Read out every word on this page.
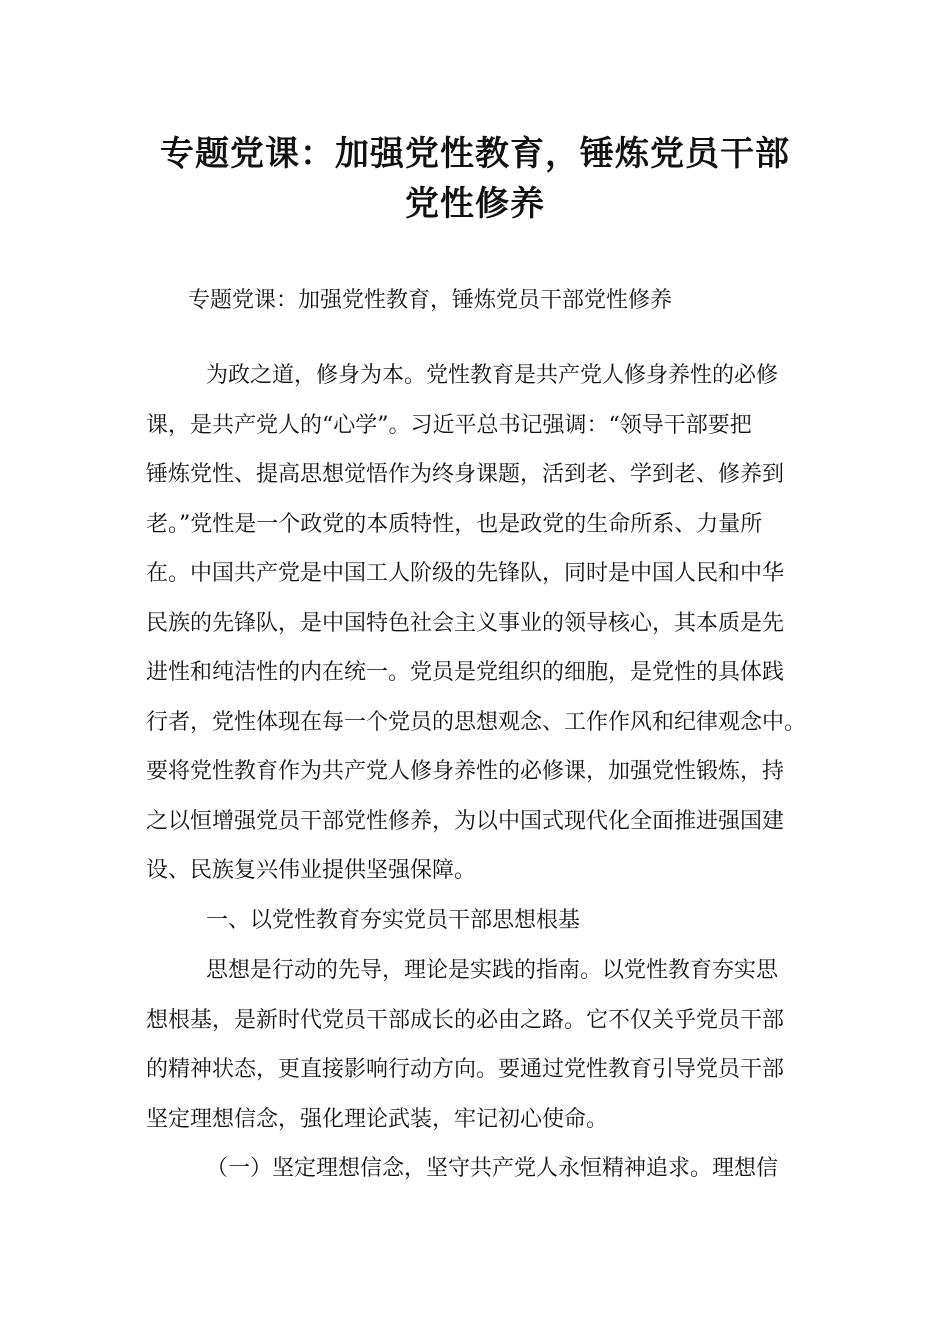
专题党课：加强党性教育，锤炼党员干部
党性修养

专题党课：加强党性教育，锤炼党员干部党性修养

为政之道，修身为本。党性教育是共产党人修身养性的必修
课，是共产党人的“心学”。习近平总书记强调：“领导干部要把
锤炼党性、提高思想觉悟作为终身课题，活到老、学到老、修养到
老。”党性是一个政党的本质特性，也是政党的生命所系、力量所
在。中国共产党是中国工人阶级的先锋队，同时是中国人民和中华
民族的先锋队，是中国特色社会主义事业的领导核心，其本质是先
进性和纯洁性的内在统一。党员是党组织的细胞，是党性的具体践
行者，党性体现在每一个党员的思想观念、工作作风和纪律观念中。
要将党性教育作为共产党人修身养性的必修课，加强党性锻炼，持
之以恒增强党员干部党性修养，为以中国式现代化全面推进强国建
设、民族复兴伟业提供坚强保障。
一、以党性教育夯实党员干部思想根基
思想是行动的先导，理论是实践的指南。以党性教育夯实思
想根基，是新时代党员干部成长的必由之路。它不仅关乎党员干部
的精神状态，更直接影响行动方向。要通过党性教育引导党员干部
坚定理想信念，强化理论武装，牢记初心使命。
（一）坚定理想信念，坚守共产党人永恒精神追求。理想信
